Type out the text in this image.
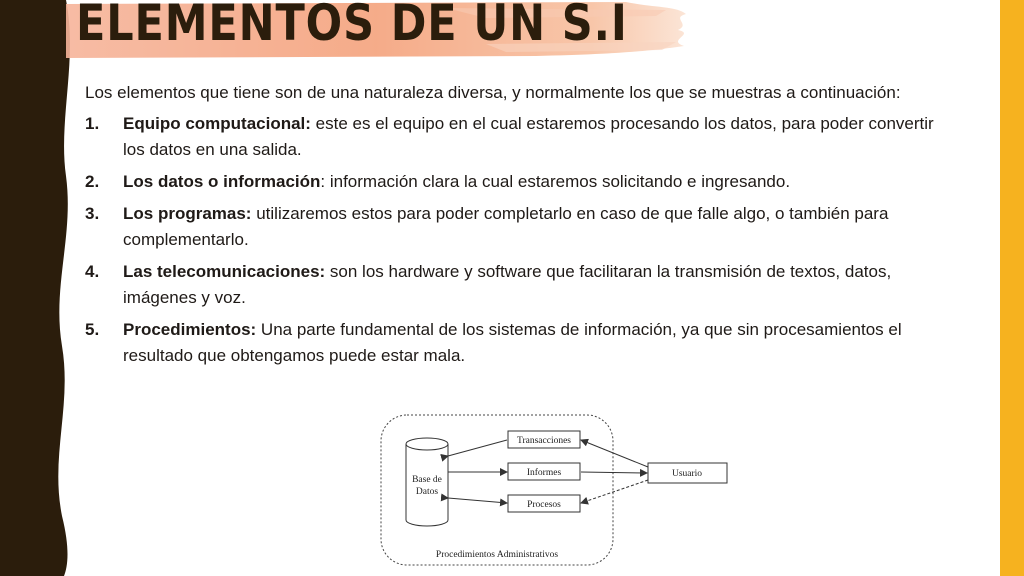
ELEMENTOS DE UN S.I

Los elementos que tiene son de una naturaleza diversa, y normalmente los que se muestras a continuación:

1. Equipo computacional: este es el equipo en el cual estaremos procesando los datos, para poder convertir los datos en una salida.
2. Los datos o información: información clara la cual estaremos solicitando e ingresando.
3. Los programas: utilizaremos estos para poder completarlo en caso de que falle algo, o también para complementarlo.
4. Las telecomunicaciones: son los hardware y software que facilitaran la transmisión de textos, datos, imágenes y voz.
5. Procedimientos: Una parte fundamental de los sistemas de información, ya que sin procesamientos el resultado que obtengamos puede estar mala.
Base de
Datos
Transacciones
Informes
Procesos
Usuario
Procedimientos Administrativos
